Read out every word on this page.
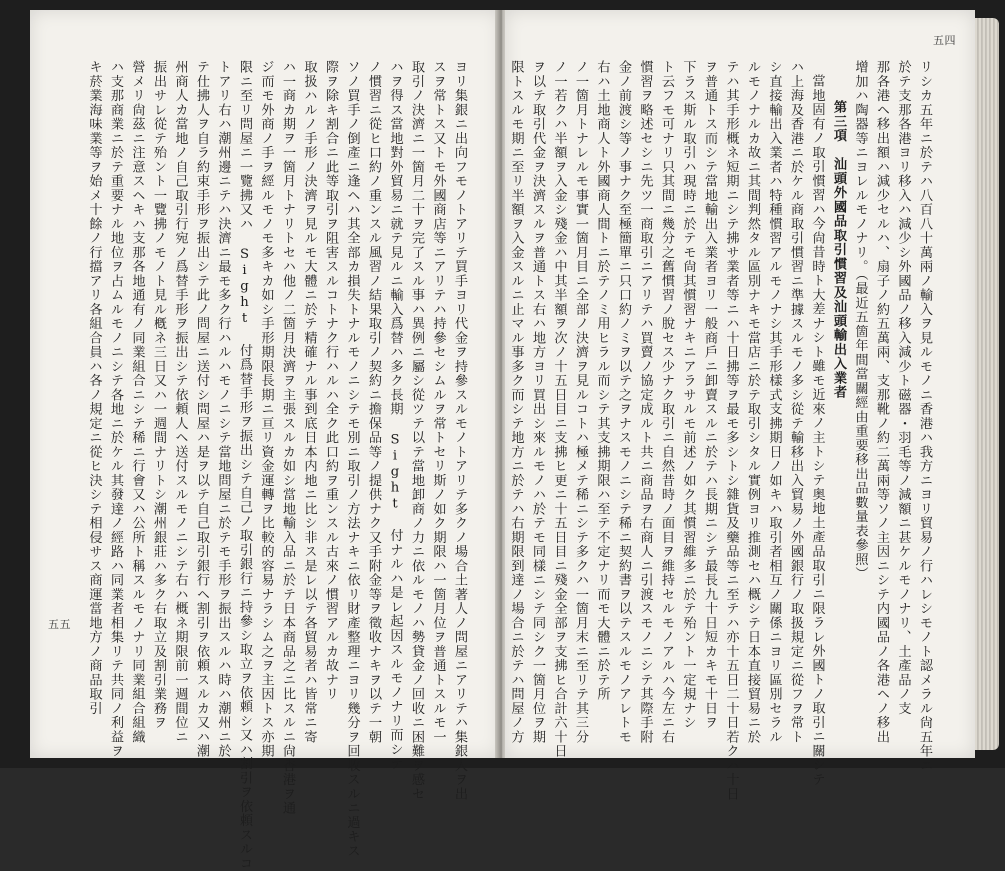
五五	ヨリ集銀ニ出向フモノトアリテ買手ヨリ代金ヲ持參スルモノトアリテ多クノ場合土著人ノ問屋ニアリテハ集銀人ヲ出
スヲ常トス又トモ外國商店等ニアリテハ持參セシムルヲ常トセリ斯ノ如ク期限ハ一箇月位ヲ普通トスルモ一
取引ノ決濟ニ一箇月二十ヲ完了スル事ハ異例ニ屬シ從ツテ以テ當地卸商ノ力ニ依ルモノハ勢貸金ノ回收ニ困難ヲ感セ
ハヲ得ス當地對外貿易ニ就テ見ルニ輸入爲替ハ多ク長期 Sight 付ナルハ是レ起因スルモノナリ而シテ
ノ慣習ニ從ヒ口約ノ重ンスル風習ノ結果取引ノ契約ニ擔保品等ノ提供ナク又手附金等ヲ徵收ナキヲ以テ一朝
ソノ買手ノ倒產ニ逢ヘハ其全部カ損失トナルモノニシテモ別ニ取引ノ方法ナキニ依リ財產整理ニヨリ幾分ヲ回收スルニ過キス
際ヲ除キ割合ニ此等取引ヲ阻害スルコトナク行ハルハ全ク此口約ヲ重ンスル古來ノ慣習アルカ故ナリ
取扱ハルノ手形ノ決濟ヲ見ルモ大體ニ於テ精確ナル事到底日本内地ニ比シ非ス是レ以テ各貿易者ハ皆常ニ寄
ハ一商カ期ヲ一箇月トナリトセハ他ノ二箇月決濟ヲ主張スルカ如シ當地輸入品ニ於テ日本商品之ニ比スルニ尙香港ヲ通
ジ而モ外商ノ手ヲ經ルモノモ多キカ如シ手形期限長期ニ亘リ資金運轉ヲ比較的容易ナラシム之ヲ主因トス亦期
限ニ至リ問屋ニ一覽拂又ハ Sight 付爲替手形ヲ振出シテ自己ノ取引銀行ニ持參シ取立ヲ依頼シ又ハ割引ヲ依頼スルコ
トアリ右ハ潮州邊ニテハ決濟ニ最モ多ク行ハルハモノニシテ當地問屋ニ於テモ手形ヲ振出スルハ時ハ潮州ニ於
テ仕拂人ヲ自ラ約束手形ヲ振出シテ此ノ問屋ニ送付シ問屋ハ是ヲ以テ自己取引銀行ヘ割引ヲ依頼スルカ又ハ潮
州商人カ當地ノ自己取引行宛ノ爲替手形ヲ振出シテ依頼人ヘ送付スルモノニシテ右ハ概ネ期限前一週間位ニ
振出サレ從テ殆ント一覽拂ノモノト見ル槪ネ三日又ハ一週間ナリトシ潮州銀莊ハ多ク右取立及割引業務ヲ
營メリ尙茲ニ注意スヘキハ支那各地通有ノ同業組合ニシテ稀ニ行會又ハ公所ト稱スルモノナリ同業組合組織
ハ支那商業ニ於テ重要ナル地位ヲ占ムルモノニシテ各地ニ於ケル其發達ノ經路ハ同業者相集リテ共同ノ利益ヲ
キ菸業海味業等ヲ始メ十餘ノ行擋アリ各組合員ハ各ノ規定ニ從ヒ決シテ相侵サス商運當地方ノ商品取引
五四
リシカ五年ニ於テハ八百八十萬兩ノ輸入ヲ見ルモノニ香港ハ我方ニヨリ貿易ノ行ハレシモノト認メラル尙五年ニ
於テ支那各港ヨリ移入ハ減少シ外國品ノ移入減少ト磁器・羽毛等ノ減額ニ甚ケルモノナリ、土產品ノ支
那各港ヘ移出額ハ減少セルハ、扇子ノ約五萬兩、支那靴ノ約二萬兩等ソノ主因ニシテ内國品ノ各港ヘノ移出
增加ハ陶器等ニヨレルモノナリ。（最近五箇年間當關經由重要移出品數量表參照）
第三項　汕頭外國品取引慣習及汕頭輸出入業者
當地固有ノ取引慣習ハ今尙昔時ト大差ナシト雖モ近來ノ主トシテ奥地土產品取引ニ限ラレ外國トノ取引ニ關シテ
ハ上海及香港ニ於ケル商取引慣習ニ準據スルモノ多シ從テ輸移出入貿易ノ外國銀行ノ取扱規定ニ從フヲ常ト
シ直接輸出入業者ハ特種慣習アルモノナシ其手形樣式支拂期日ノ如キハ取引者相互ノ關係ニヨリ區別セラル
ルモノナルカ故ニ其間判然タル區別ナキモ當店ニ於テ取引シタル實例ヨリ推測セハ概シテ日本直接貿易ニ於
テハ其手形概ネ短期ニシテ拂サ業者等ニハ十日拂等ヲ最モ多シトシ雜貨及藥品等ニ至テハ亦十五日二十日若クハ十日
ヲ普通トス而シテ當地輸出入業者ヨリ一般商戶ニ卸賣スルニ於テハ長期ニシテ最長九十日短カキモ十日ヲ
下ラス斯ル取引ハ現時ニ於テモ尙其慣習ナキニアラサルモ前述ノ如ク其慣習維多ニ於テ殆ント一定規ナシ
ト云フモ可ナリ只其間ニ幾分之舊慣習ノ脫セス少ナク取引ニ自然昔時ノ面目ヲ維持セルモノアルハ今左ニ右
慣習ヲ略述セシニ先ツ一商取引ニアリテハ買賣ノ協定成ルト共ニ商品ヲ右商人ニ引渡スモノニシテ其際手附
金ノ前渡シ等ノ事ナク至極簡單ニ只口約ノミヲ以テ之ヲナスモノニシテ稀ニ契約書ヲ以テスルモノアレトモ
右ハ土地商人ト外國商人間トニ於テノミ用ヒラル而シテ其支拂期限ハ至テ不定ナリ而モ大體ニ於テ所
ノ一箇月トナレルモ事實一箇月目ニ全部ノ決濟ヲ見ルコトハ極メテ稀ニシテ多クハ一箇月末ニ至リテ其三分
ノ一若クハ半額ヲ入金シ殘金ハ中其半額ヲ次ノ十五日目ニ支拂ヒ更ニ十五日目ニ殘金全部ヲ支拂ヒ合計六十日
ヲ以テ取引代金ヲ決濟スルヲ普通トス右ハ地方ヨリ買出シ來ルモノハ於テモ同樣ニシテ同シク一箇月位ヲ期
限トスルモ期ニ至リ半額ヲ入金スルニ止マル事多ク而シテ地方ニ於テハ右期限到達ノ場合ニ於テハ問屋ノ方
